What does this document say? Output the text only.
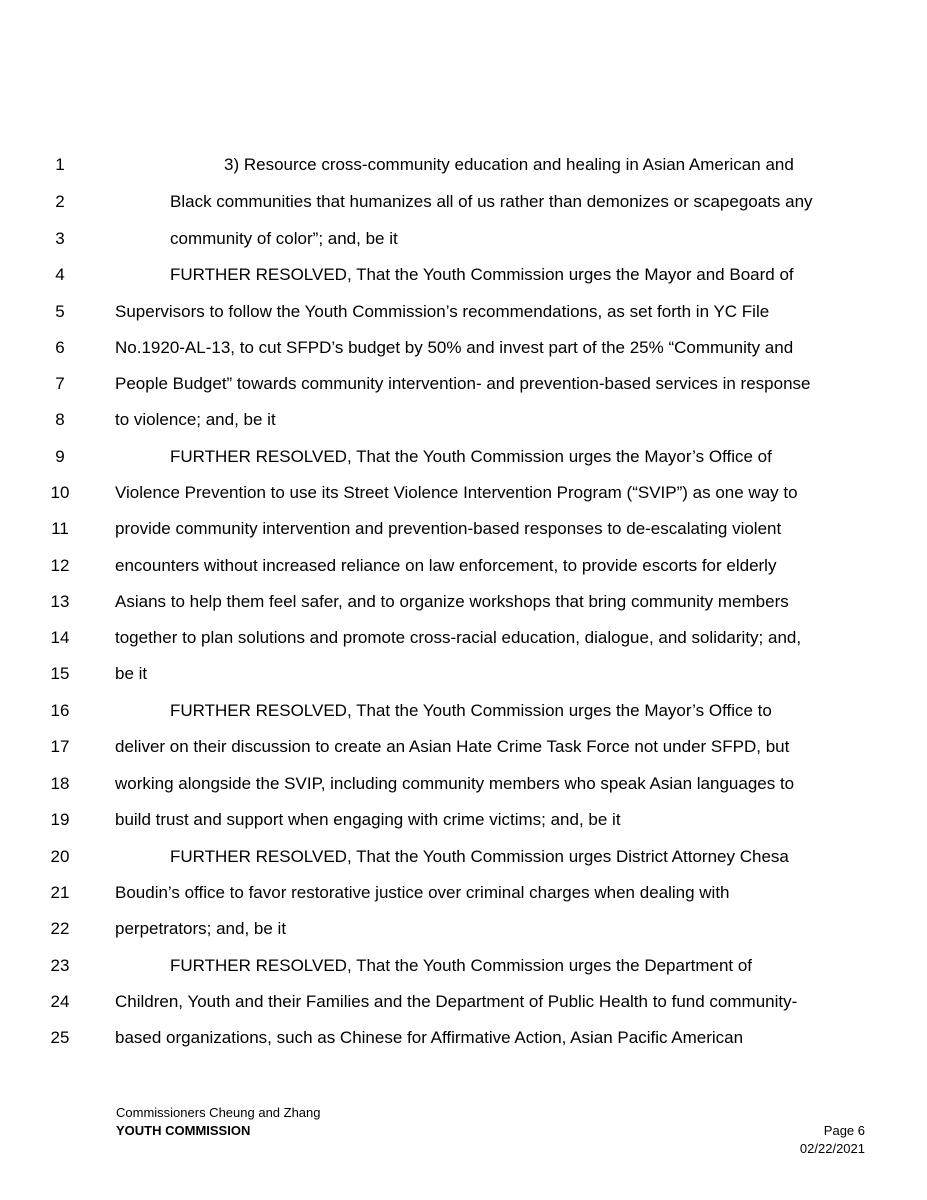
1	3) Resource cross-community education and healing in Asian American and
2	Black communities that humanizes all of us rather than demonizes or scapegoats any
3	community of color”; and, be it
4	FURTHER RESOLVED, That the Youth Commission urges the Mayor and Board of
5	Supervisors to follow the Youth Commission’s recommendations, as set forth in YC File
6	No.1920-AL-13, to cut SFPD’s budget by 50% and invest part of the 25% “Community and
7	People Budget” towards community intervention- and prevention-based services in response
8	to violence; and, be it
9	FURTHER RESOLVED, That the Youth Commission urges the Mayor’s Office of
10	Violence Prevention to use its Street Violence Intervention Program (“SVIP”) as one way to
11	provide community intervention and prevention-based responses to de-escalating violent
12	encounters without increased reliance on law enforcement, to provide escorts for elderly
13	Asians to help them feel safer, and to organize workshops that bring community members
14	together to plan solutions and promote cross-racial education, dialogue, and solidarity; and,
15	be it
16	FURTHER RESOLVED, That the Youth Commission urges the Mayor’s Office to
17	deliver on their discussion to create an Asian Hate Crime Task Force not under SFPD, but
18	working alongside the SVIP, including community members who speak Asian languages to
19	build trust and support when engaging with crime victims; and, be it
20	FURTHER RESOLVED, That the Youth Commission urges District Attorney Chesa
21	Boudin’s office to favor restorative justice over criminal charges when dealing with
22	perpetrators; and, be it
23	FURTHER RESOLVED, That the Youth Commission urges the Department of
24	Children, Youth and their Families and the Department of Public Health to fund community-
25	based organizations, such as Chinese for Affirmative Action, Asian Pacific American
Commissioners Cheung and Zhang
YOUTH COMMISSION	Page 6
02/22/2021
